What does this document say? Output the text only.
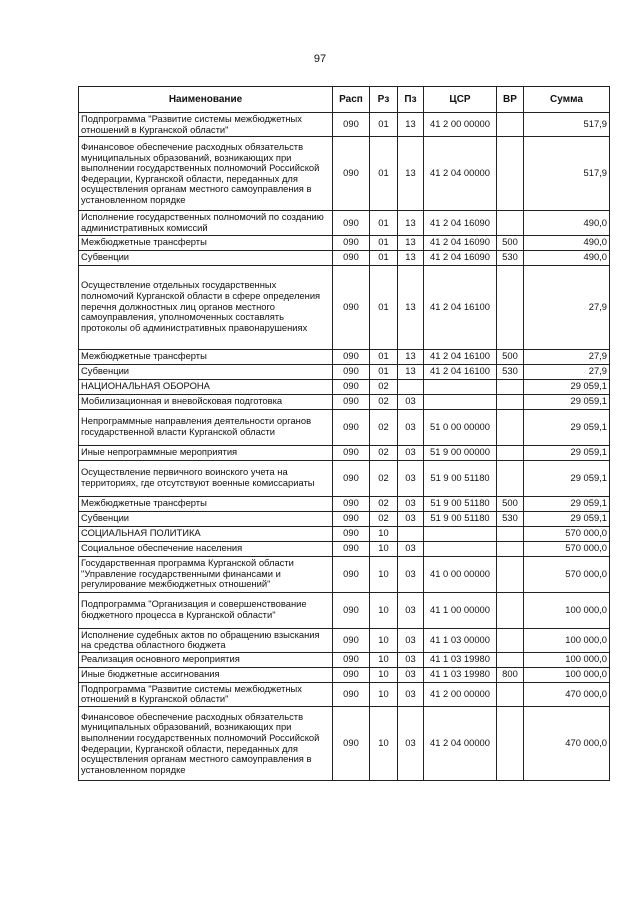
97
Наименование	Расп	Рз	Пз	ЦСР	ВР	Сумма
Подпрограмма "Развитие системы межбюджетных отношений в Курганской области"	090	01	13	41 2 00 00000		517,9
Финансовое обеспечение расходных обязательств муниципальных образований, возникающих при выполнении государственных полномочий Российской Федерации, Курганской области, переданных для осуществления органам местного самоуправления в установленном порядке	090	01	13	41 2 04 00000		517,9
Исполнение государственных полномочий по созданию административных комиссий	090	01	13	41 2 04 16090		490,0
Межбюджетные трансферты	090	01	13	41 2 04 16090	500	490,0
Субвенции	090	01	13	41 2 04 16090	530	490,0
Осуществление отдельных государственных полномочий Курганской области в сфере определения перечня должностных лиц органов местного самоуправления, уполномоченных составлять протоколы об административных правонарушениях	090	01	13	41 2 04 16100		27,9
Межбюджетные трансферты	090	01	13	41 2 04 16100	500	27,9
Субвенции	090	01	13	41 2 04 16100	530	27,9
НАЦИОНАЛЬНАЯ ОБОРОНА	090	02				29 059,1
Мобилизационная и вневойсковая подготовка	090	02	03			29 059,1
Непрограммные направления деятельности органов государственной власти Курганской области	090	02	03	51 0 00 00000		29 059,1
Иные непрограммные мероприятия	090	02	03	51 9 00 00000		29 059,1
Осуществление первичного воинского учета на территориях, где отсутствуют военные комиссариаты	090	02	03	51 9 00 51180		29 059,1
Межбюджетные трансферты	090	02	03	51 9 00 51180	500	29 059,1
Субвенции	090	02	03	51 9 00 51180	530	29 059,1
СОЦИАЛЬНАЯ ПОЛИТИКА	090	10				570 000,0
Социальное обеспечение населения	090	10	03			570 000,0
Государственная программа Курганской области "Управление государственными финансами и регулирование межбюджетных отношений"	090	10	03	41 0 00 00000		570 000,0
Подпрограмма "Организация и совершенствование бюджетного процесса в Курганской области"	090	10	03	41 1 00 00000		100 000,0
Исполнение судебных актов по обращению взыскания на средства областного бюджета	090	10	03	41 1 03 00000		100 000,0
Реализация основного мероприятия	090	10	03	41 1 03 19980		100 000,0
Иные бюджетные ассигнования	090	10	03	41 1 03 19980	800	100 000,0
Подпрограмма "Развитие системы межбюджетных отношений в Курганской области"	090	10	03	41 2 00 00000		470 000,0
Финансовое обеспечение расходных обязательств муниципальных образований, возникающих при выполнении государственных полномочий Российской Федерации, Курганской области, переданных для осуществления органам местного самоуправления в установленном порядке	090	10	03	41 2 04 00000		470 000,0
